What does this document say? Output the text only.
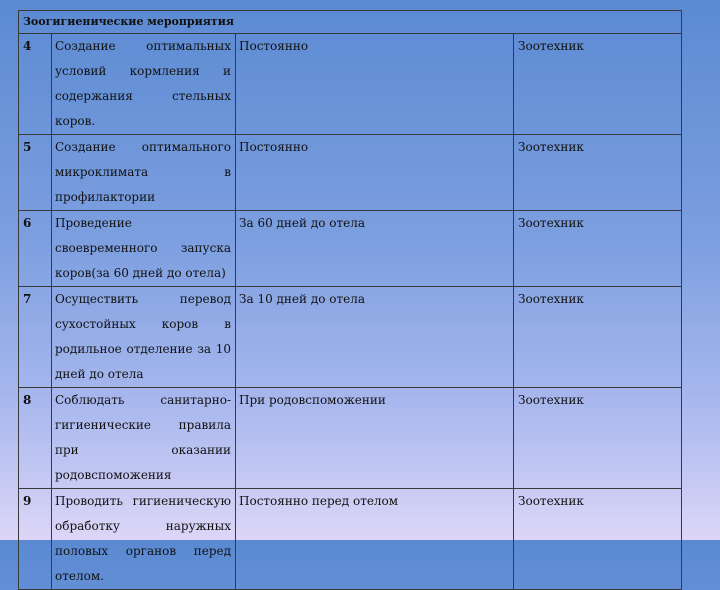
Зоогигиенические мероприятия			
4	Создание оптимальных условий кормления и содержания стельных коров.	Постоянно	Зоотехник
5	Создание оптимального микроклимата в профилактории	Постоянно	Зоотехник
6	Проведение своевременного запуска коров(за 60 дней до отела)	За 60 дней до отела	Зоотехник
7	Осуществить перевод сухостойных коров в родильное отделение за 10 дней до отела	За 10 дней до отела	Зоотехник
8	Соблюдать санитарно-гигиенические правила при оказании родовспоможения	При родовспоможении	Зоотехник
9	Проводить гигиеническую обработку наружных половых органов перед отелом.	Постоянно перед отелом	Зоотехник
